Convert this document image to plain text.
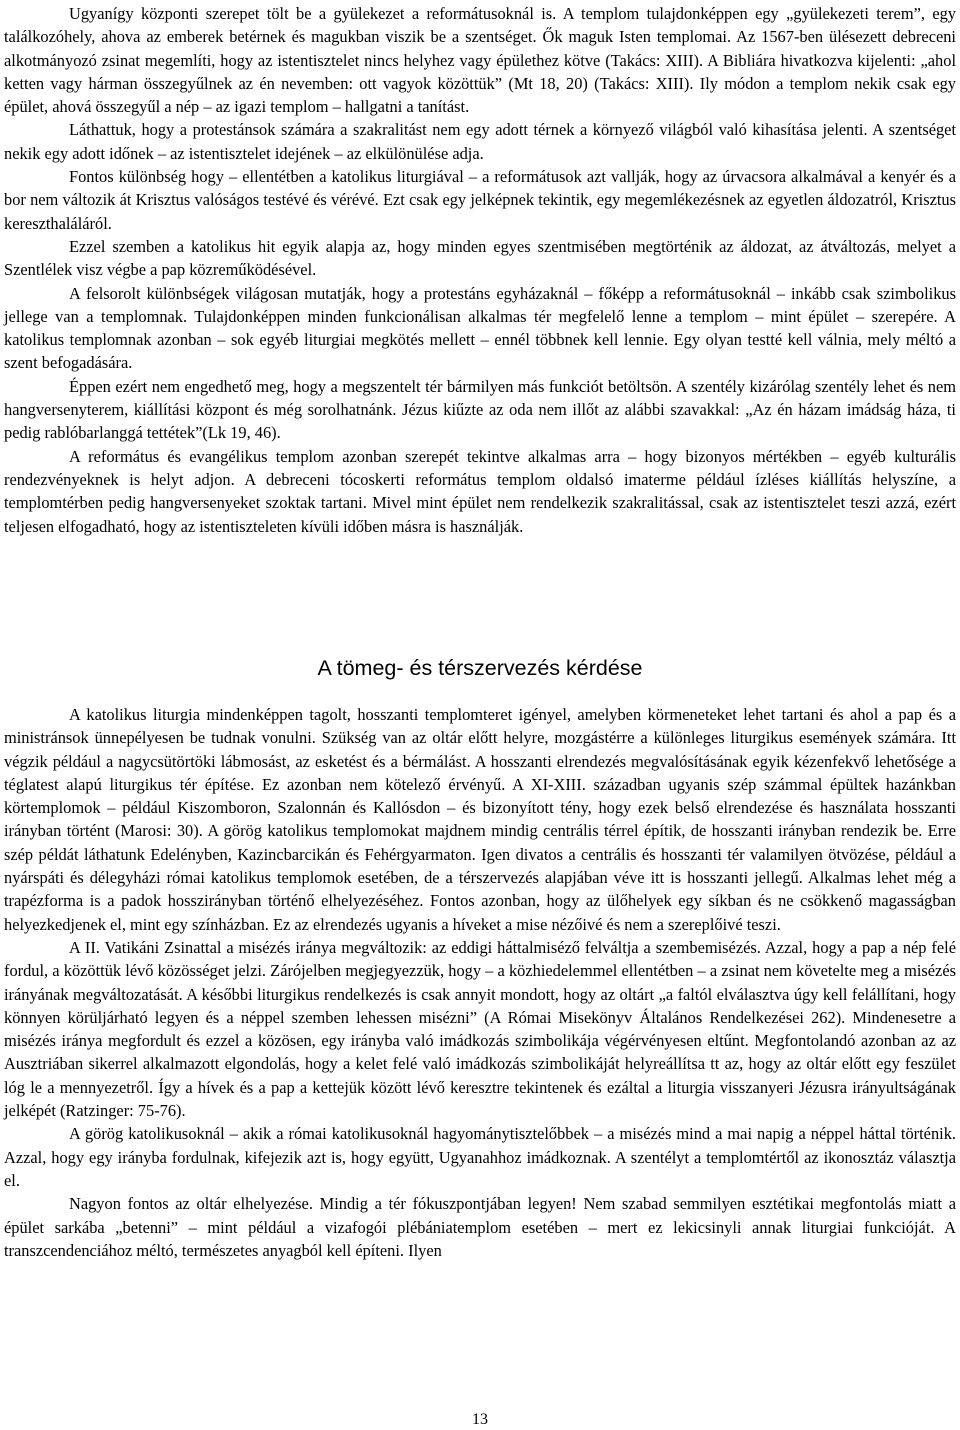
Ugyanígy központi szerepet tölt be a gyülekezet a reformátusoknál is. A templom tulajdonképpen egy „gyülekezeti terem”, egy találkozóhely, ahova az emberek betérnek és magukban viszik be a szentséget. Ők maguk Isten templomai. Az 1567-ben ülésezett debreceni alkotmányozó zsinat megemlíti, hogy az istentisztelet nincs helyhez vagy épülethez kötve (Takács: XIII). A Bibliára hivatkozva kijelenti: „ahol ketten vagy hárman összegyűlnek az én nevemben: ott vagyok közöttük” (Mt 18, 20) (Takács: XIII). Ily módon a templom nekik csak egy épület, ahová összegyűl a nép – az igazi templom – hallgatni a tanítást.

Láthattuk, hogy a protestánsok számára a szakralitást nem egy adott térnek a környező világból való kihasítása jelenti. A szentséget nekik egy adott időnek – az istentisztelet idejének – az elkülönülése adja.

Fontos különbség hogy – ellentétben a katolikus liturgiával – a reformátusok azt vallják, hogy az úrvacsora alkalmával a kenyér és a bor nem változik át Krisztus valóságos testévé és vérévé. Ezt csak egy jelképnek tekintik, egy megemlékezésnek az egyetlen áldozatról, Krisztus kereszthaláláról.

Ezzel szemben a katolikus hit egyik alapja az, hogy minden egyes szentmisében megtörténik az áldozat, az átváltozás, melyet a Szentlélek visz végbe a pap közreműködésével.

A felsorolt különbségek világosan mutatják, hogy a protestáns egyházaknál – főképp a reformátusoknál – inkább csak szimbolikus jellege van a templomnak. Tulajdonképpen minden funkcionálisan alkalmas tér megfelelő lenne a templom – mint épület – szerepére. A katolikus templomnak azonban – sok egyéb liturgiai megkötés mellett – ennél többnek kell lennie. Egy olyan testté kell válnia, mely méltó a szent befogadására.

Éppen ezért nem engedhető meg, hogy a megszentelt tér bármilyen más funkciót betöltsön. A szentély kizárólag szentély lehet és nem hangversenyterem, kiállítási központ és még sorolhatnánk. Jézus kiűzte az oda nem illőt az alábbi szavakkal: „Az én házam imádság háza, ti pedig rablóbarlanggá tettétek”(Lk 19, 46).

A református és evangélikus templom azonban szerepét tekintve alkalmas arra – hogy bizonyos mértékben – egyéb kulturális rendezvényeknek is helyt adjon. A debreceni tócoskerti református templom oldalsó imaterme például ízléses kiállítás helyszíne, a templomtérben pedig hangversenyeket szoktak tartani. Mivel mint épület nem rendelkezik szakralitással, csak az istentisztelet teszi azzá, ezért teljesen elfogadható, hogy az istentiszteleten kívüli időben másra is használják.

A tömeg- és térszervezés kérdése

A katolikus liturgia mindenképpen tagolt, hosszanti templomteret igényel, amelyben körmeneteket lehet tartani és ahol a pap és a ministránsok ünnepélyesen be tudnak vonulni. Szükség van az oltár előtt helyre, mozgástérre a különleges liturgikus események számára. Itt végzik például a nagycsütörtöki lábmosást, az esketést és a bérmálást. A hosszanti elrendezés megvalósításának egyik kézenfekvő lehetősége a téglatest alapú liturgikus tér építése. Ez azonban nem kötelező érvényű. A XI-XIII. században ugyanis szép számmal épültek hazánkban körtemplomok – például Kiszomboron, Szalonnán és Kallósdon – és bizonyított tény, hogy ezek belső elrendezése és használata hosszanti irányban történt (Marosi: 30). A görög katolikus templomokat majdnem mindig centrális térrel építik, de hosszanti irányban rendezik be. Erre szép példát láthatunk Edelényben, Kazincbarcikán és Fehérgyarmaton. Igen divatos a centrális és hosszanti tér valamilyen ötvözése, például a nyárspáti és délegyházi római katolikus templomok esetében, de a térszervezés alapjában véve itt is hosszanti jellegű. Alkalmas lehet még a trapézforma is a padok hosszirányban történő elhelyezéséhez. Fontos azonban, hogy az ülőhelyek egy síkban és ne csökkenő magasságban helyezkedjenek el, mint egy színházban. Ez az elrendezés ugyanis a híveket a mise nézőivé és nem a szereplőivé teszi.

A II. Vatikáni Zsinattal a misézés iránya megváltozik: az eddigi háttalmiséző felváltja a szembemisézés. Azzal, hogy a pap a nép felé fordul, a közöttük lévő közösséget jelzi. Zárójelben megjegyezzük, hogy – a közhiedelemmel ellentétben – a zsinat nem követelte meg a misézés irányának megváltozatását. A későbbi liturgikus rendelkezés is csak annyit mondott, hogy az oltárt „a faltól elválasztva úgy kell felállítani, hogy könnyen körüljárható legyen és a néppel szemben lehessen misézni” (A Római Misekönyv Általános Rendelkezései 262). Mindenesetre a misézés iránya megfordult és ezzel a közösen, egy irányba való imádkozás szimbolikája végérvényesen eltűnt. Megfontolandó azonban az az Ausztriában sikerrel alkalmazott elgondolás, hogy a kelet felé való imádkozás szimbolikáját helyreállítsa tt az, hogy az oltár előtt egy feszület lóg le a mennyezetről. Így a hívek és a pap a kettejük között lévő keresztre tekintenek és ezáltal a liturgia visszanyeri Jézusra irányultságának jelképét (Ratzinger: 75-76).

A görög katolikusoknál – akik a római katolikusoknál hagyománytisztelőbbek – a misézés mind a mai napig a néppel háttal történik. Azzal, hogy egy irányba fordulnak, kifejezik azt is, hogy együtt, Ugyanahhoz imádkoznak. A szentélyt a templomtértől az ikonosztáz választja el.

Nagyon fontos az oltár elhelyezése. Mindig a tér fókuszpontjában legyen! Nem szabad semmilyen esztétikai megfontolás miatt a épület sarkába „betenni” – mint például a vizafogói plébániatemplom esetében – mert ez lekicsinyli annak liturgiai funkcióját. A transzcendenciához méltó, természetes anyagból kell építeni. Ilyen

13
